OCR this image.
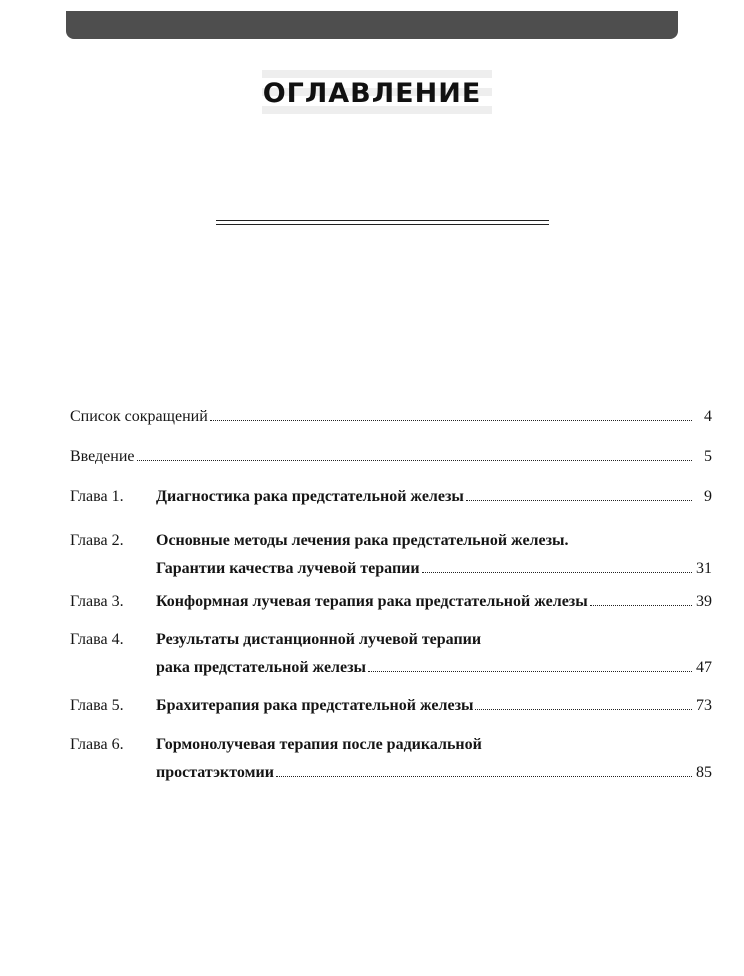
ОГЛАВЛЕНИЕ
Список сокращений	4
Введение	5
Глава 1.	Диагностика рака предстательной железы	9
Глава 2.	Основные методы лечения рака предстательной железы.
Гарантии качества лучевой терапии	31
Глава 3.	Конформная лучевая терапия рака предстательной железы	39
Глава 4.	Результаты дистанционной лучевой терапии
рака предстательной железы	47
Глава 5.	Брахитерапия рака предстательной железы	73
Глава 6.	Гормонолучевая терапия после радикальной
простатэктомии	85
